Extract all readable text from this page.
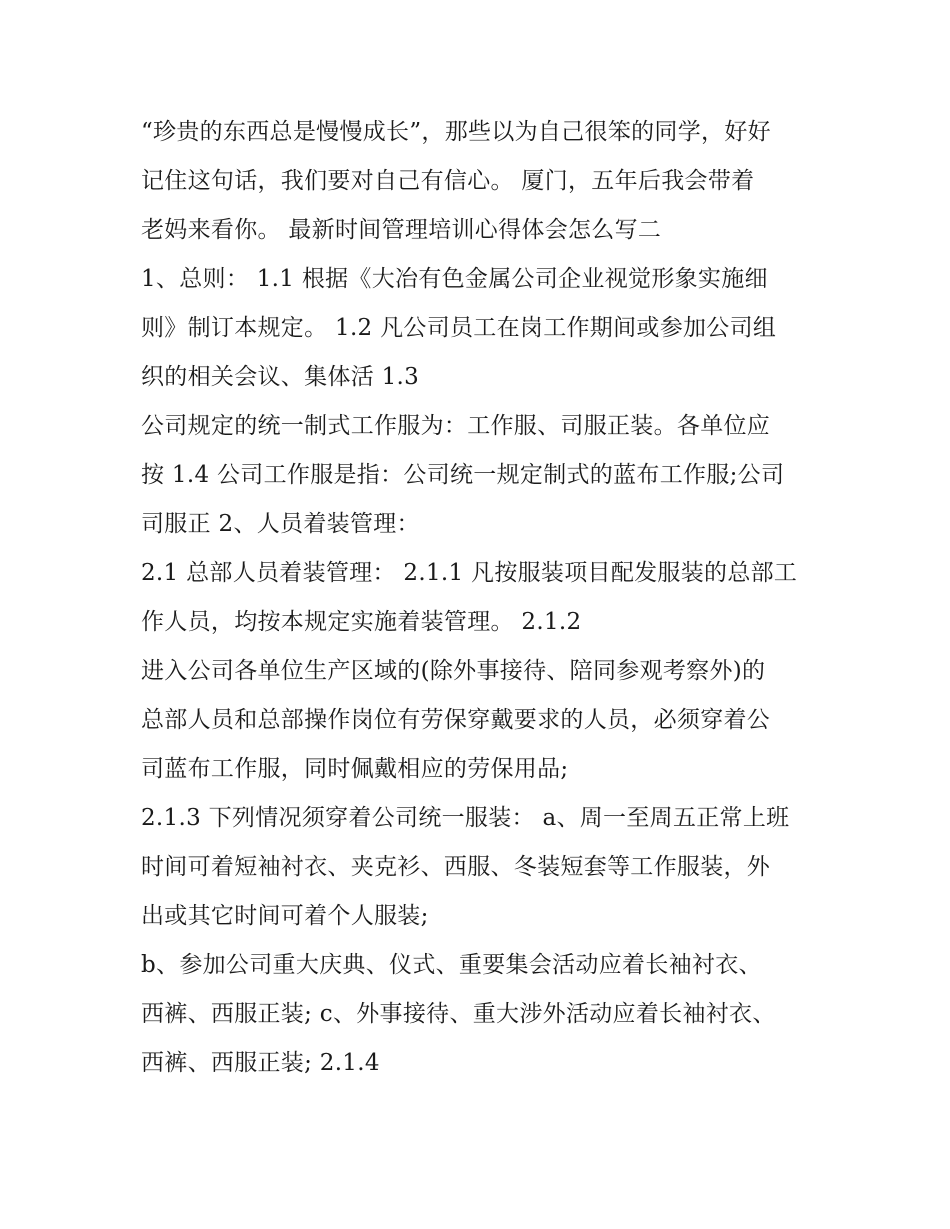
“珍贵的东西总是慢慢成长”，那些以为自己很笨的同学，好好
记住这句话，我们要对自己有信心。 厦门，五年后我会带着
老妈来看你。 最新时间管理培训心得体会怎么写二
1、总则： 1.1 根据《大冶有色金属公司企业视觉形象实施细
则》制订本规定。 1.2 凡公司员工在岗工作期间或参加公司组
织的相关会议、集体活 1.3
公司规定的统一制式工作服为：工作服、司服正装。各单位应
按 1.4 公司工作服是指：公司统一规定制式的蓝布工作服;公司
司服正 2、人员着装管理：
2.1 总部人员着装管理： 2.1.1 凡按服装项目配发服装的总部工
作人员，均按本规定实施着装管理。 2.1.2
进入公司各单位生产区域的(除外事接待、陪同参观考察外)的
总部人员和总部操作岗位有劳保穿戴要求的人员，必须穿着公
司蓝布工作服，同时佩戴相应的劳保用品;
2.1.3 下列情况须穿着公司统一服装： a、周一至周五正常上班
时间可着短袖衬衣、夹克衫、西服、冬装短套等工作服装，外
出或其它时间可着个人服装;
b、参加公司重大庆典、仪式、重要集会活动应着长袖衬衣、
西裤、西服正装; c、外事接待、重大涉外活动应着长袖衬衣、
西裤、西服正装; 2.1.4
